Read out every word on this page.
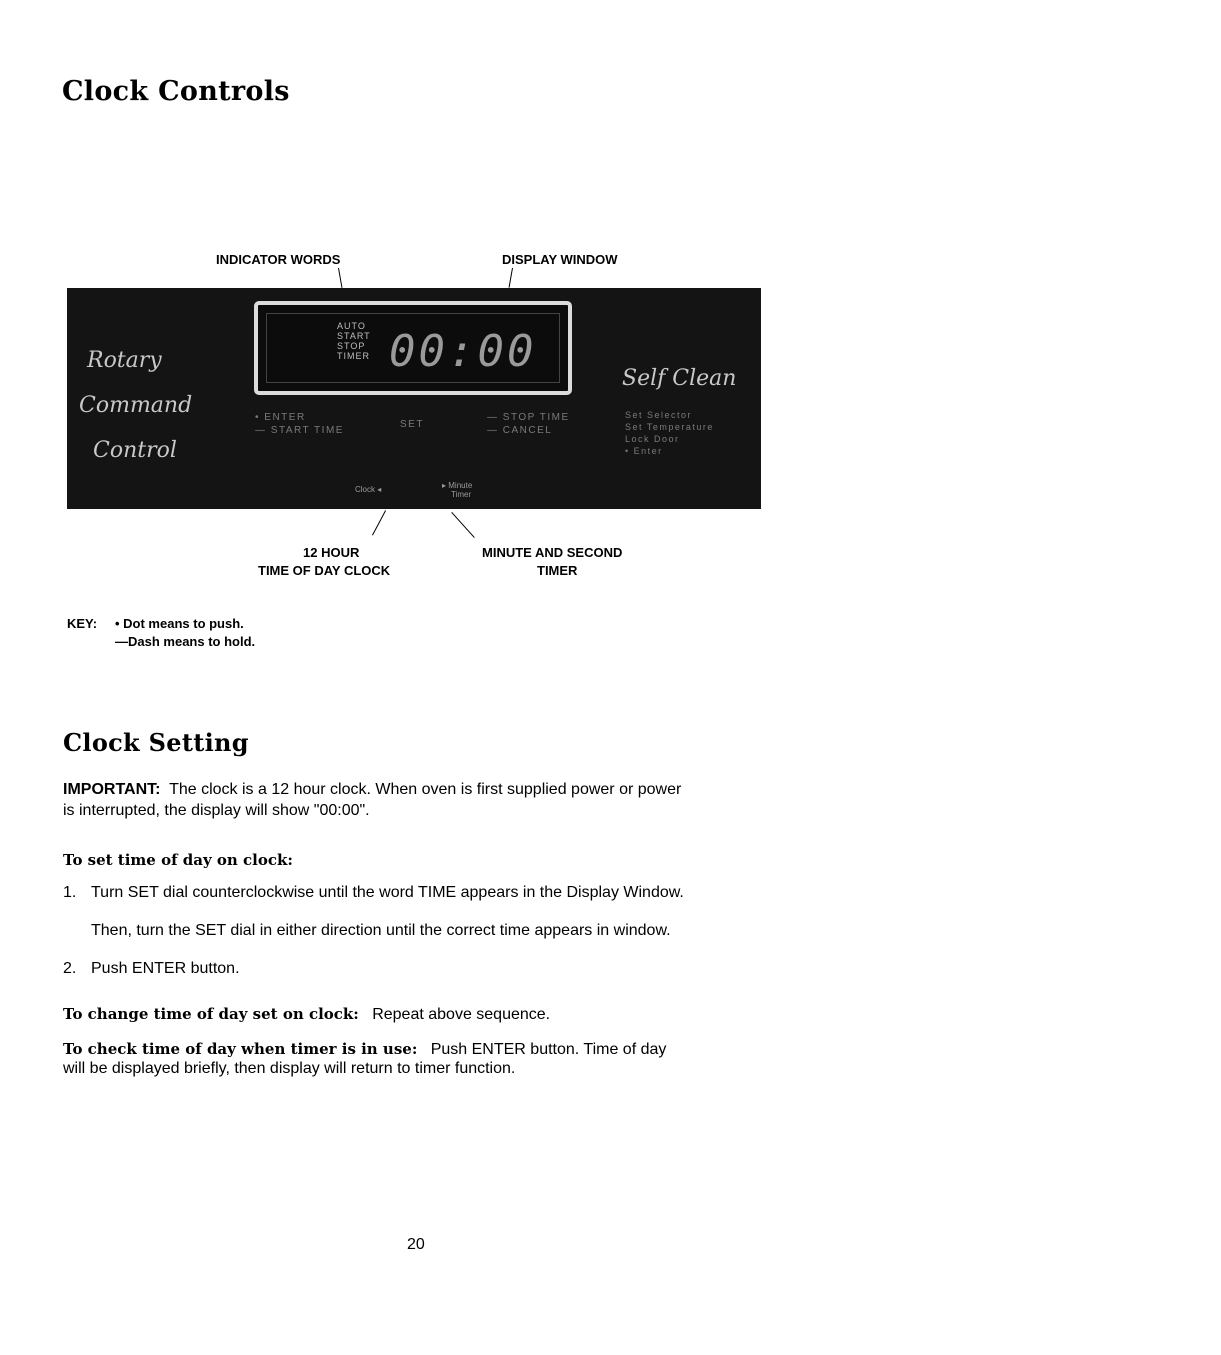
Clock Controls
INDICATOR WORDS	DISPLAY WINDOW
Rotary
Command
Control
AUTO
START
STOP
TIMER 00:00
Self Clean
• ENTER
— START TIME
SET
— STOP TIME
— CANCEL
Set Selector
Set Temperature
Lock Door
• Enter
Clock ◂	▸ Minute
Timer
12 HOUR
TIME OF DAY CLOCK
MINUTE AND SECOND
TIMER
KEY: • Dot means to push.
—Dash means to hold.
Clock Setting
IMPORTANT: The clock is a 12 hour clock. When oven is first supplied power or power
is interrupted, the display will show "00:00".
To set time of day on clock:
1. Turn SET dial counterclockwise until the word TIME appears in the Display Window.
Then, turn the SET dial in either direction until the correct time appears in window.
2. Push ENTER button.
To change time of day set on clock: Repeat above sequence.
To check time of day when timer is in use: Push ENTER button. Time of day
will be displayed briefly, then display will return to timer function.
20
